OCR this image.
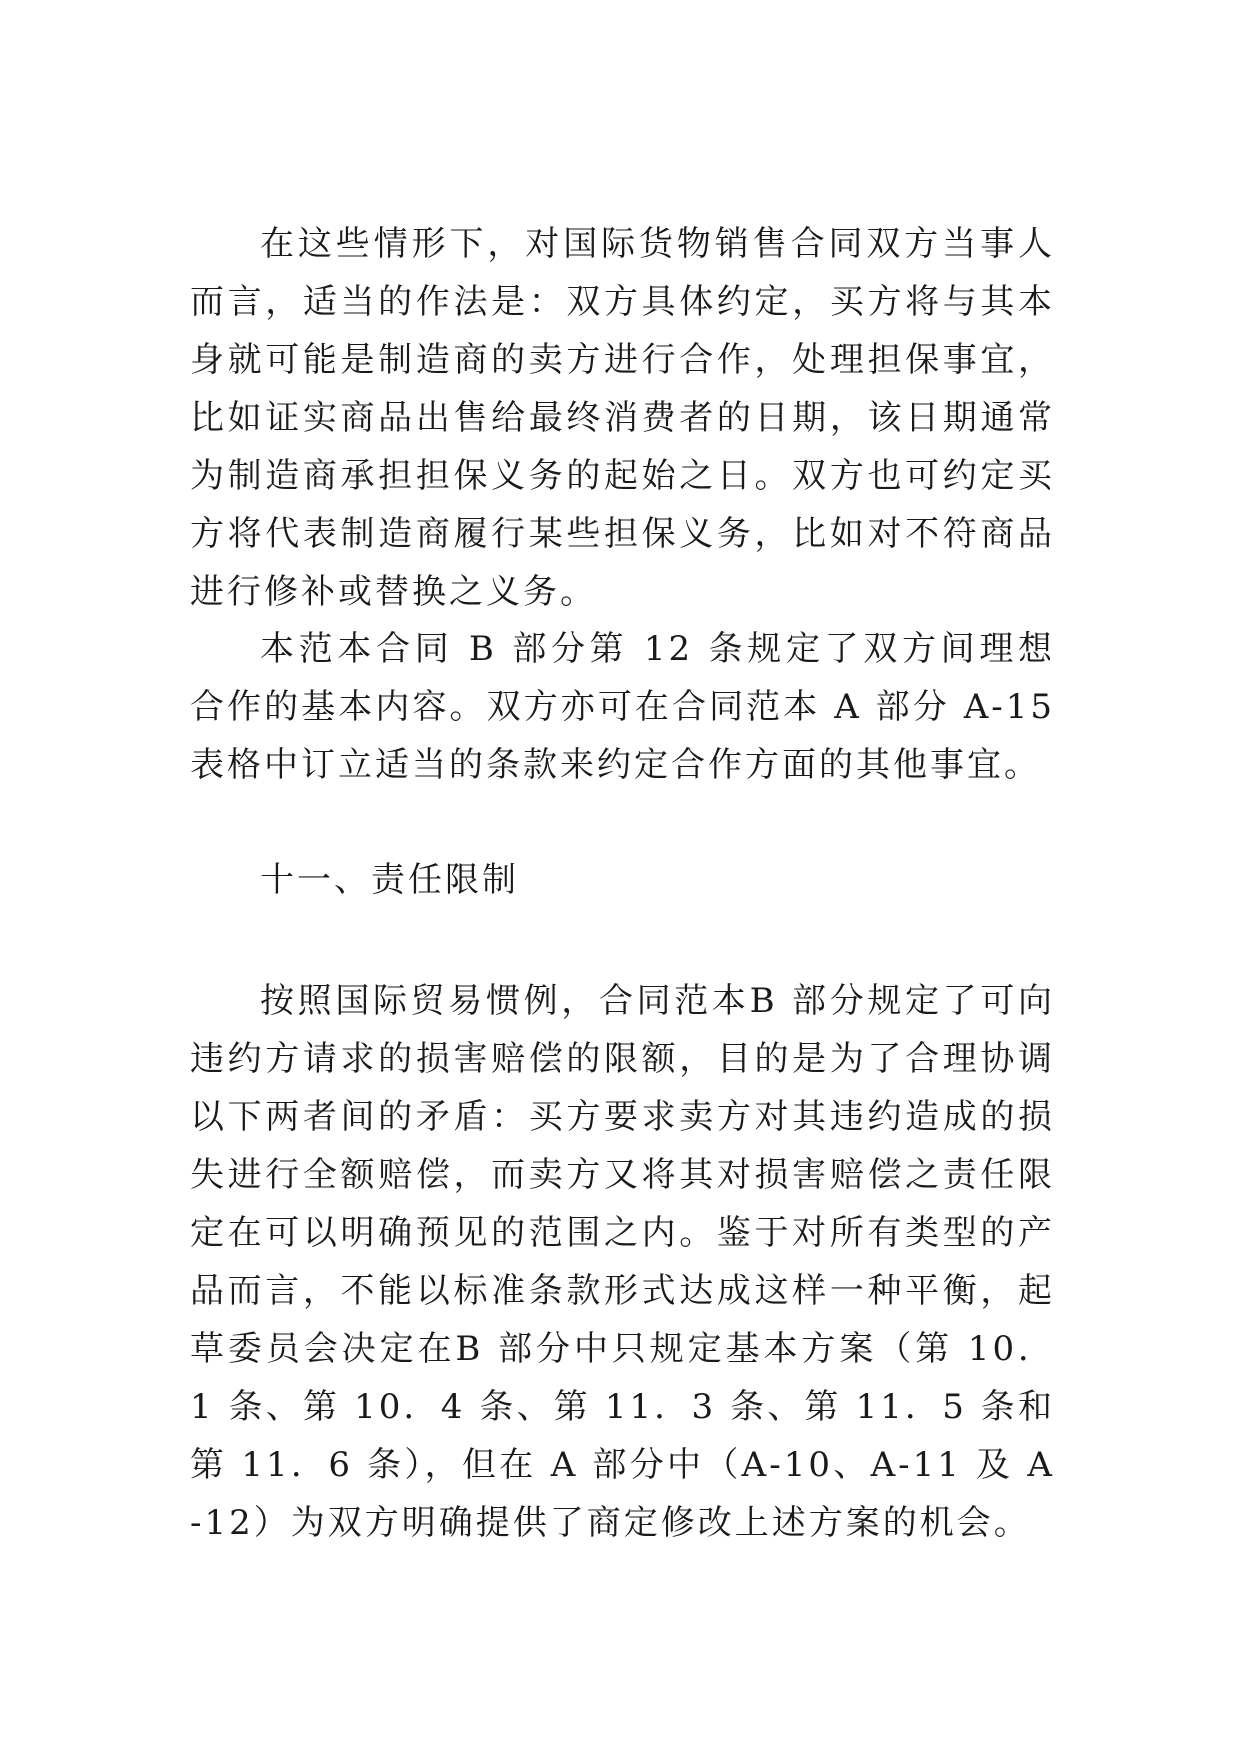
在这些情形下，对国际货物销售合同双方当事人而言，适当的作法是：双方具体约定，买方将与其本身就可能是制造商的卖方进行合作，处理担保事宜，比如证实商品出售给最终消费者的日期，该日期通常为制造商承担担保义务的起始之日。双方也可约定买方将代表制造商履行某些担保义务，比如对不符商品进行修补或替换之义务。

本范本合同 B 部分第 12 条规定了双方间理想合作的基本内容。双方亦可在合同范本 A 部分 A-15 表格中订立适当的条款来约定合作方面的其他事宜。

十一、责任限制

按照国际贸易惯例，合同范本B 部分规定了可向违约方请求的损害赔偿的限额，目的是为了合理协调以下两者间的矛盾：买方要求卖方对其违约造成的损失进行全额赔偿，而卖方又将其对损害赔偿之责任限定在可以明确预见的范围之内。鉴于对所有类型的产品而言，不能以标准条款形式达成这样一种平衡，起草委员会决定在B 部分中只规定基本方案（第 10．1 条、第 10．4 条、第 11．3 条、第 11．5 条和第 11．6 条），但在 A 部分中（A-10、A-11 及 A-12）为双方明确提供了商定修改上述方案的机会。
